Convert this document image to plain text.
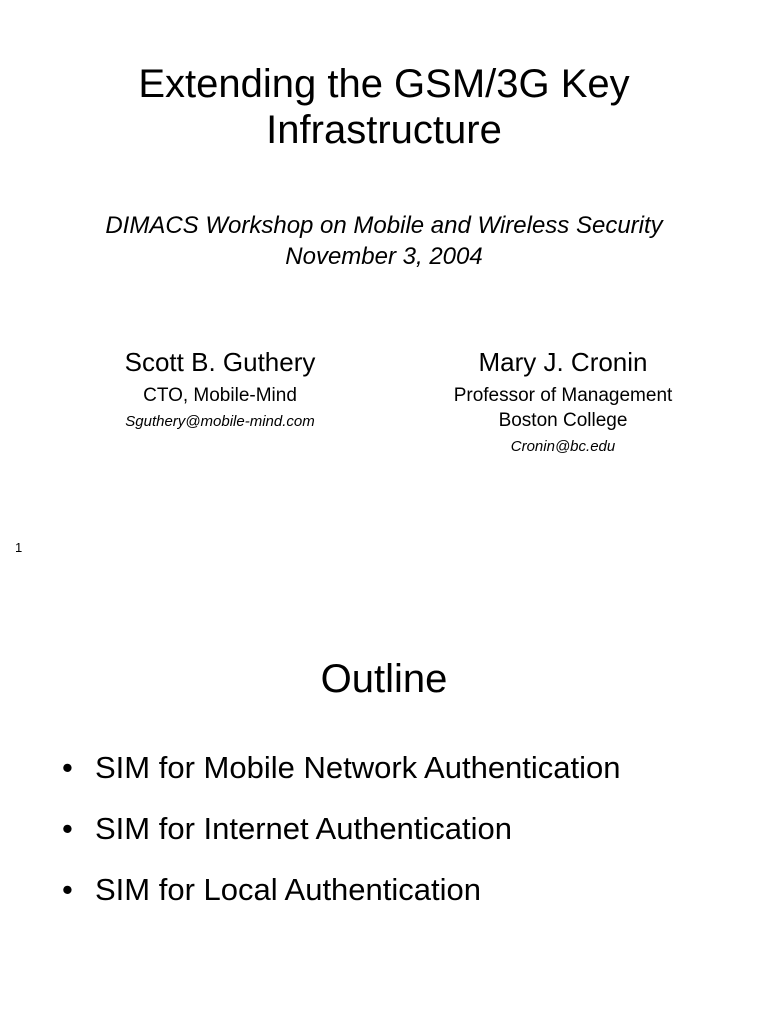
Extending the GSM/3G Key
Infrastructure
DIMACS Workshop on Mobile and Wireless Security
November 3, 2004
Scott B. Guthery
CTO, Mobile-Mind
Sguthery@mobile-mind.com
Mary J. Cronin
Professor of Management
Boston College
Cronin@bc.edu
1
Outline
• SIM for Mobile Network Authentication
• SIM for Internet Authentication
• SIM for Local Authentication
